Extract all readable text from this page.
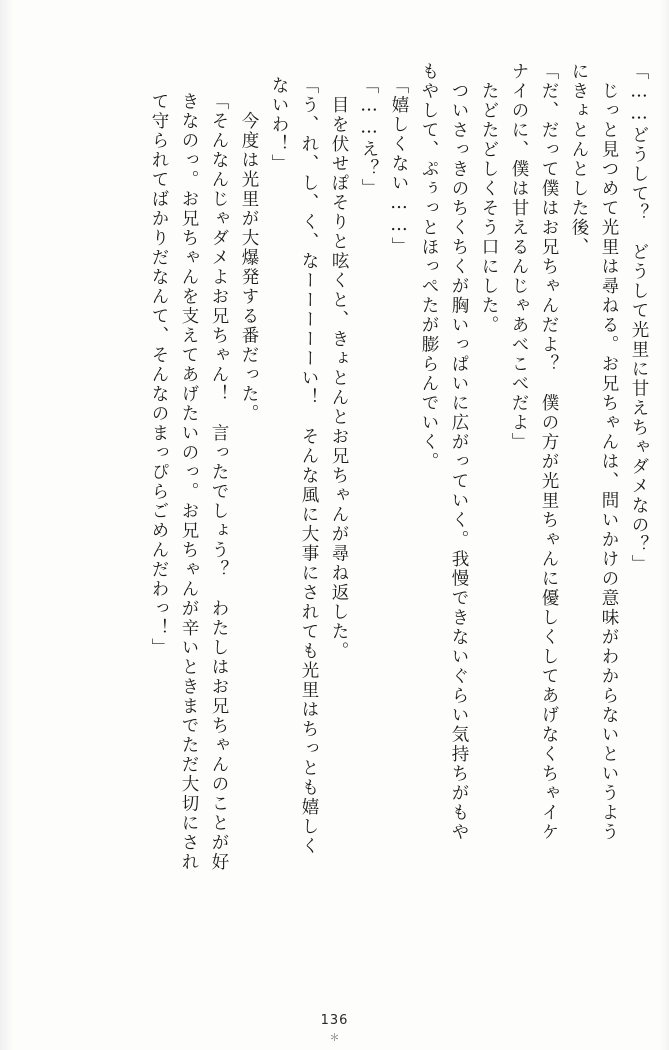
「……どうして？　どうして光里に甘えちゃダメなの？」
　じっと見つめて光里は尋ねる。お兄ちゃんは、問いかけの意味がわからないというよう
にきょとんとした後、
「だ、だって僕はお兄ちゃんだよ？　僕の方が光里ちゃんに優しくしてあげなくちゃイケ
ナイのに、僕は甘えるんじゃあべこべだよ」
　たどたどしくそう口にした。
　ついさっきのちくちくが胸いっぱいに広がっていく。我慢できないぐらい気持ちがもや
もやして、ぷぅっとほっぺたが膨らんでいく。
「嬉しくない……」
「……え？」
　目を伏せぽそりと呟くと、きょとんとお兄ちゃんが尋ね返した。
「う、れ、し、く、なーーーーーい！　そんな風に大事にされても光里はちっとも嬉しく
ないわ！」
　今度は光里が大爆発する番だった。
「そんなんじゃダメよお兄ちゃん！　言ったでしょう？　わたしはお兄ちゃんのことが好
きなのっ。お兄ちゃんを支えてあげたいのっ。お兄ちゃんが辛いときまでただ大切にされ
て守られてばかりだなんて、そんなのまっぴらごめんだわっ！」
136
＊
